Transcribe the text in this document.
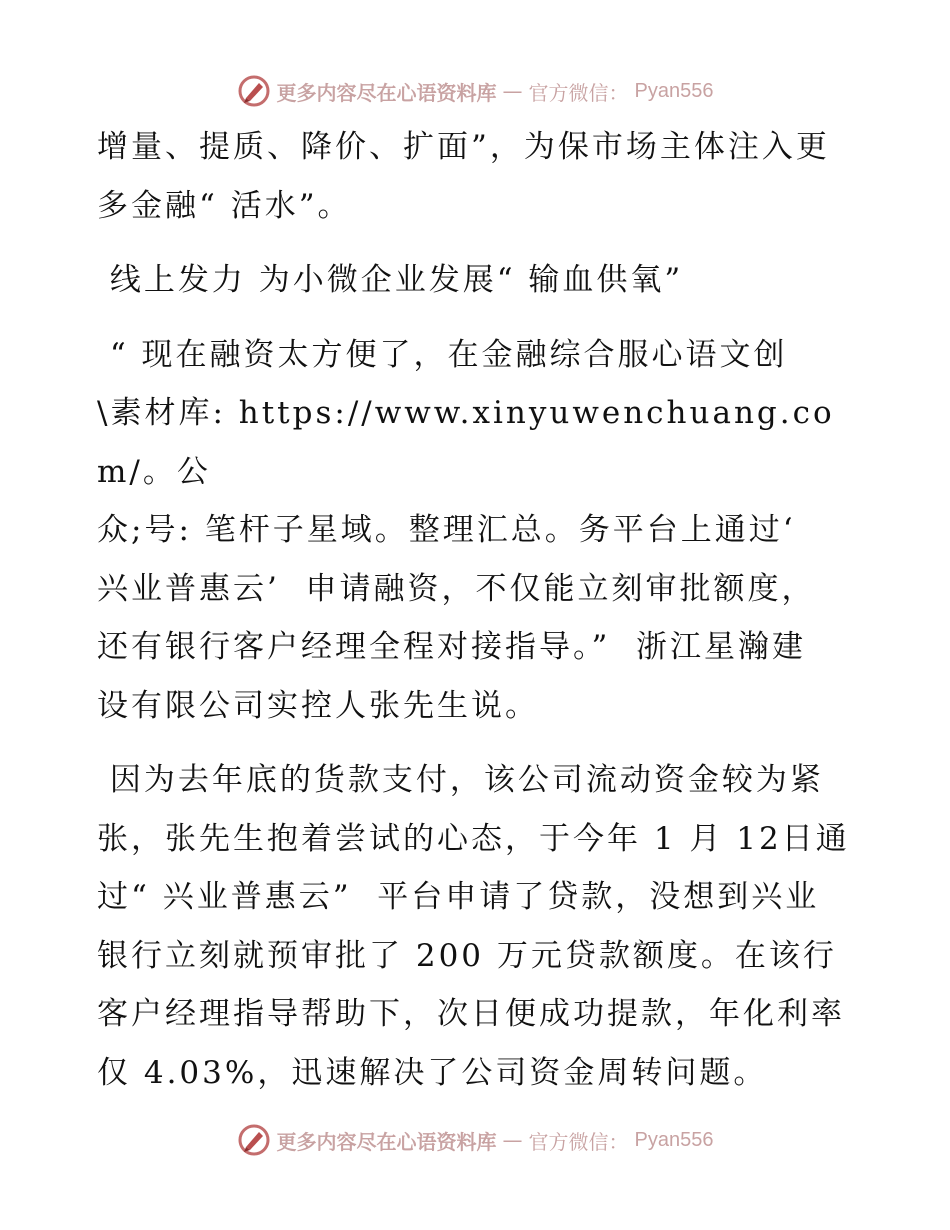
更多内容尽在心语资料库 — 官方微信： Pyan556

增量、提质、降价、扩面”，为保市场主体注入更

多金融“ 活水”。

线上发力 为小微企业发展“ 输血供氧”

“ 现在融资太方便了，在金融综合服心语文创

\素材库: https://www.xinyuwenchuang.com/。公

众;号: 笔杆子星域。整理汇总。务平台上通过‘

兴业普惠云’  申请融资，不仅能立刻审批额度，

还有银行客户经理全程对接指导。”  浙江星瀚建

设有限公司实控人张先生说。

因为去年底的货款支付，该公司流动资金较为紧

张，张先生抱着尝试的心态，于今年 1 月 12日通

过“ 兴业普惠云”  平台申请了贷款，没想到兴业

银行立刻就预审批了 200 万元贷款额度。在该行

客户经理指导帮助下，次日便成功提款，年化利率

仅 4.03%，迅速解决了公司资金周转问题。

更多内容尽在心语资料库 — 官方微信： Pyan556
